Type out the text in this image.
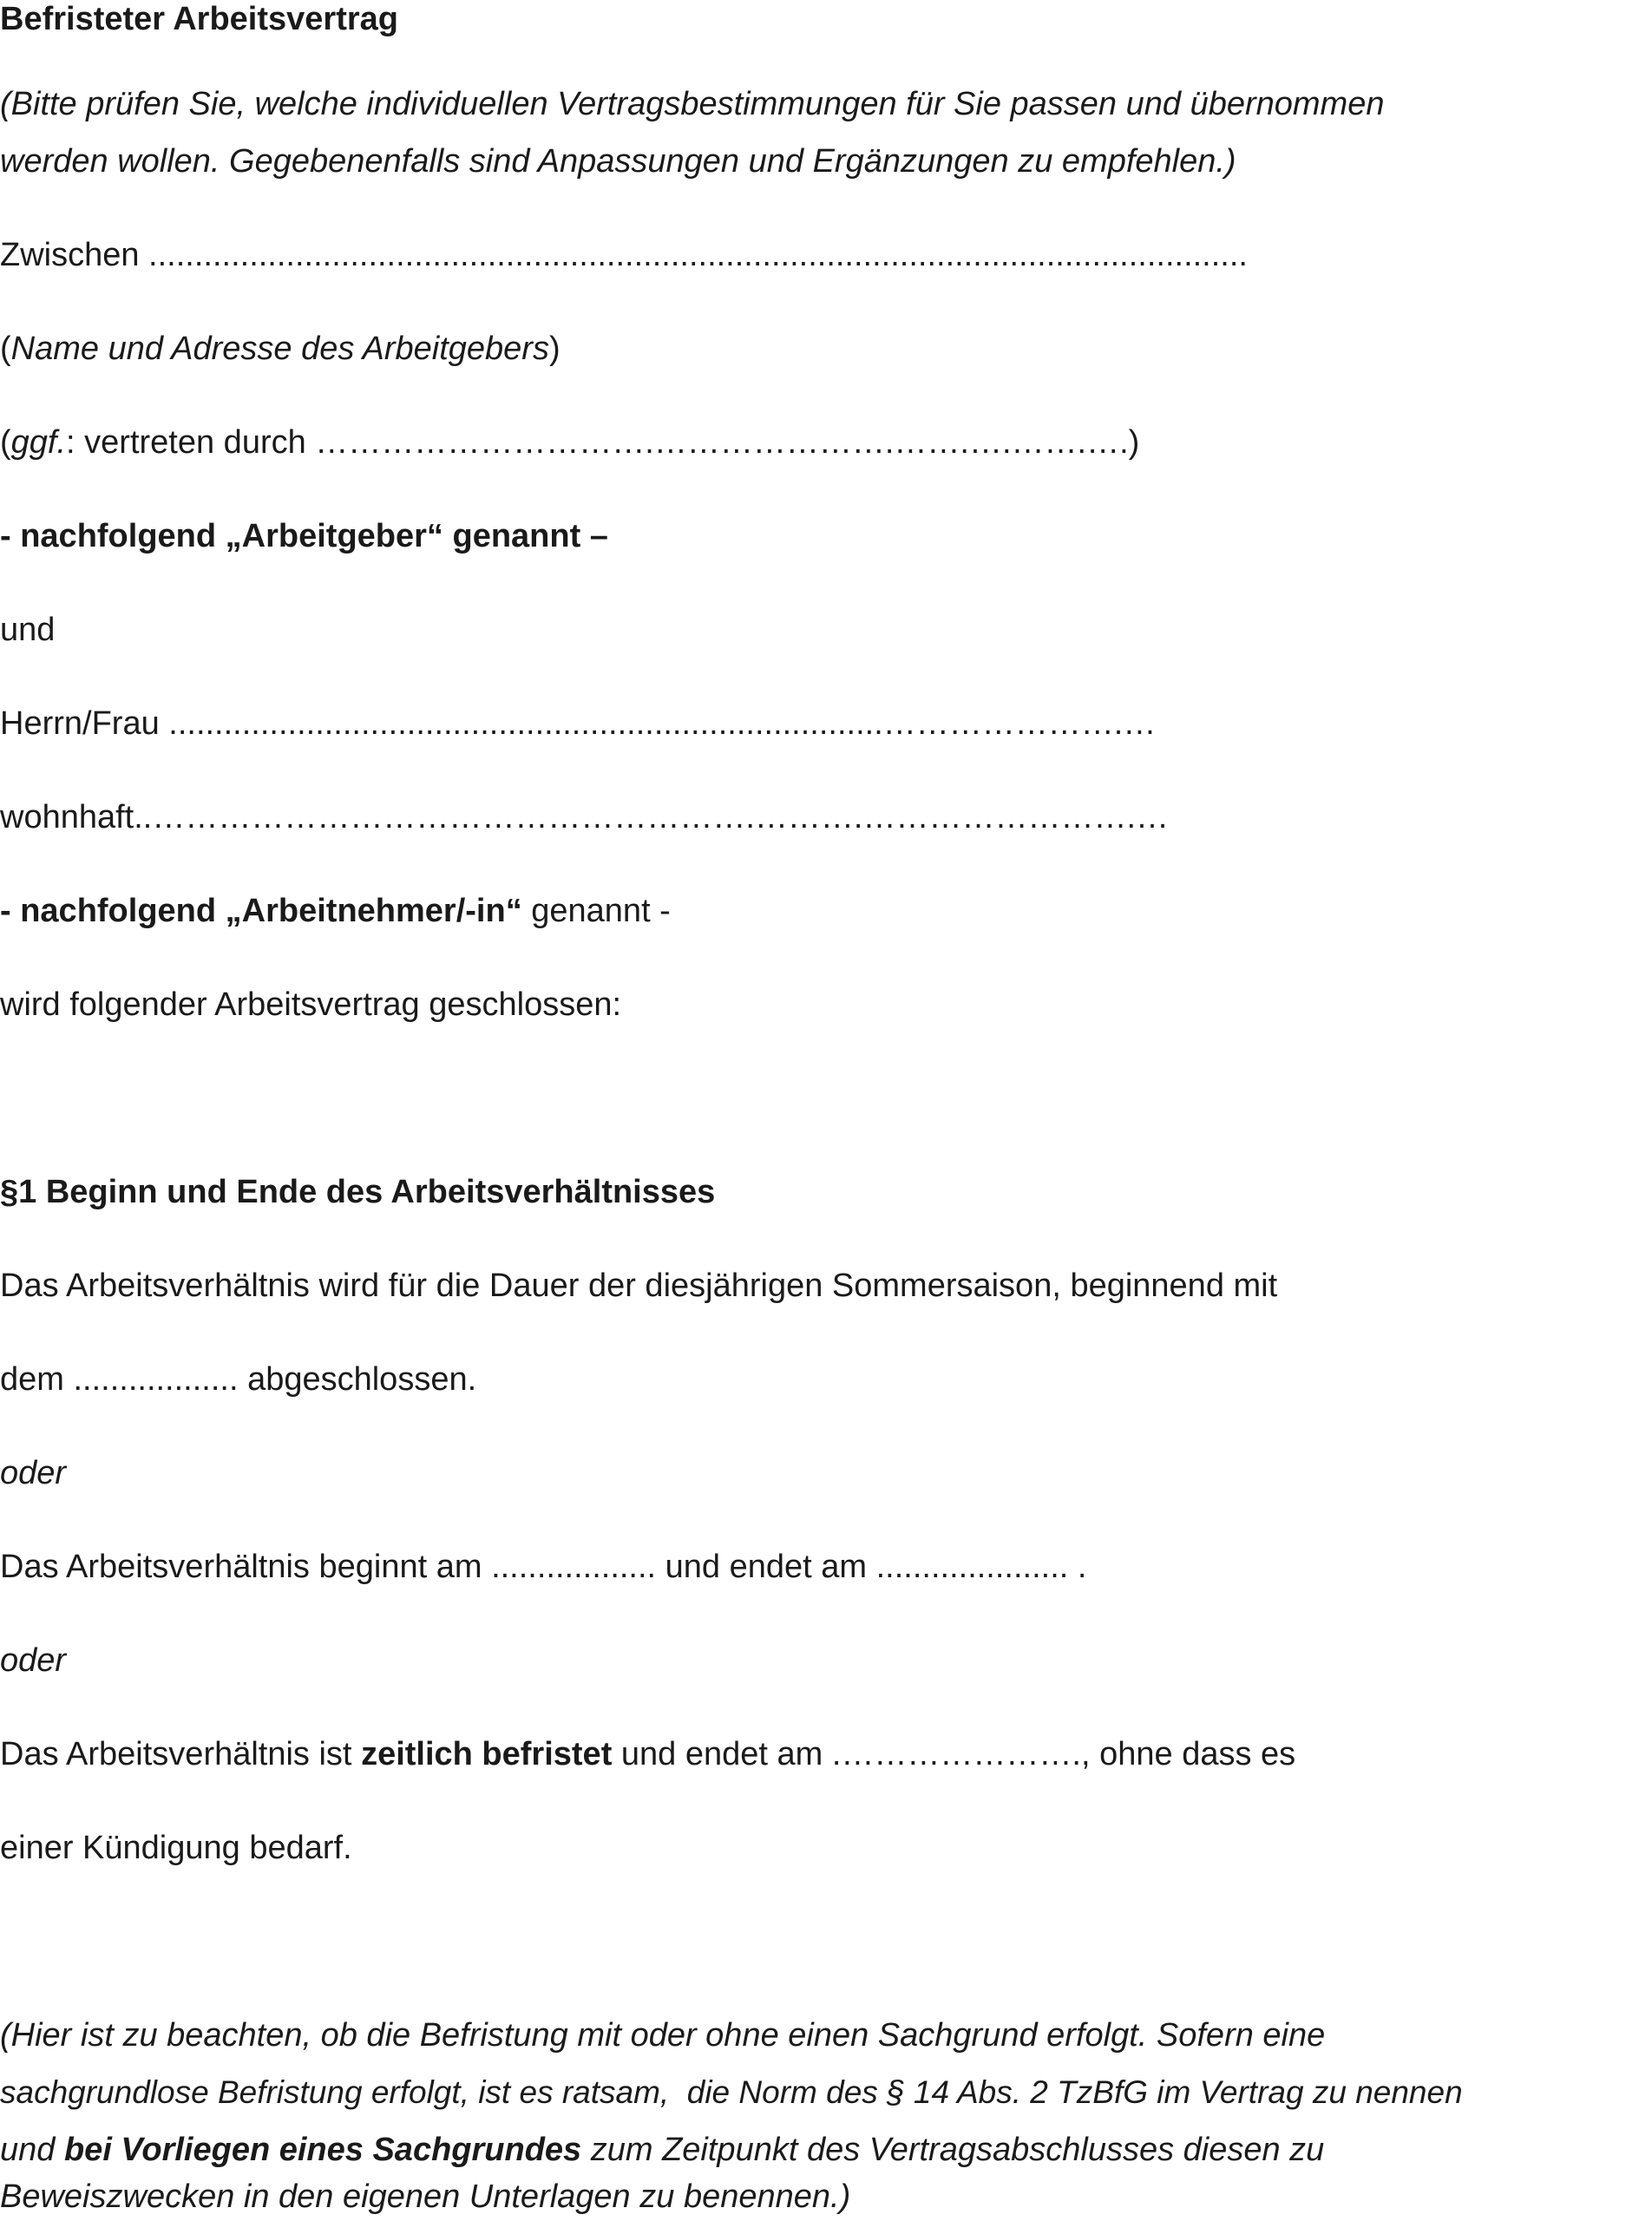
Befristeter Arbeitsvertrag
(Bitte prüfen Sie, welche individuellen Vertragsbestimmungen für Sie passen und übernommen
werden wollen. Gegebenenfalls sind Anpassungen und Ergänzungen zu empfehlen.)
Zwischen ........................................................................................................................
(Name und Adresse des Arbeitgebers)
(ggf.: vertreten durch ………………………….………………….…….….…….….)
- nachfolgend „Arbeitgeber“ genannt –
und
Herrn/Frau ..............................................................................………………….…
wohnhaft..……………………………………………….……….…………………….…
- nachfolgend „Arbeitnehmer/-in“ genannt -
wird folgender Arbeitsvertrag geschlossen:
§1 Beginn und Ende des Arbeitsverhältnisses
Das Arbeitsverhältnis wird für die Dauer der diesjährigen Sommersaison, beginnend mit
dem .................. abgeschlossen.
oder
Das Arbeitsverhältnis beginnt am .................. und endet am ..................... .
oder
Das Arbeitsverhältnis ist zeitlich befristet und endet am .…………………., ohne dass es
einer Kündigung bedarf.
(Hier ist zu beachten, ob die Befristung mit oder ohne einen Sachgrund erfolgt. Sofern eine
sachgrundlose Befristung erfolgt, ist es ratsam,  die Norm des § 14 Abs. 2 TzBfG im Vertrag zu nennen
und bei Vorliegen eines Sachgrundes zum Zeitpunkt des Vertragsabschlusses diesen zu
Beweiszwecken in den eigenen Unterlagen zu benennen.)
